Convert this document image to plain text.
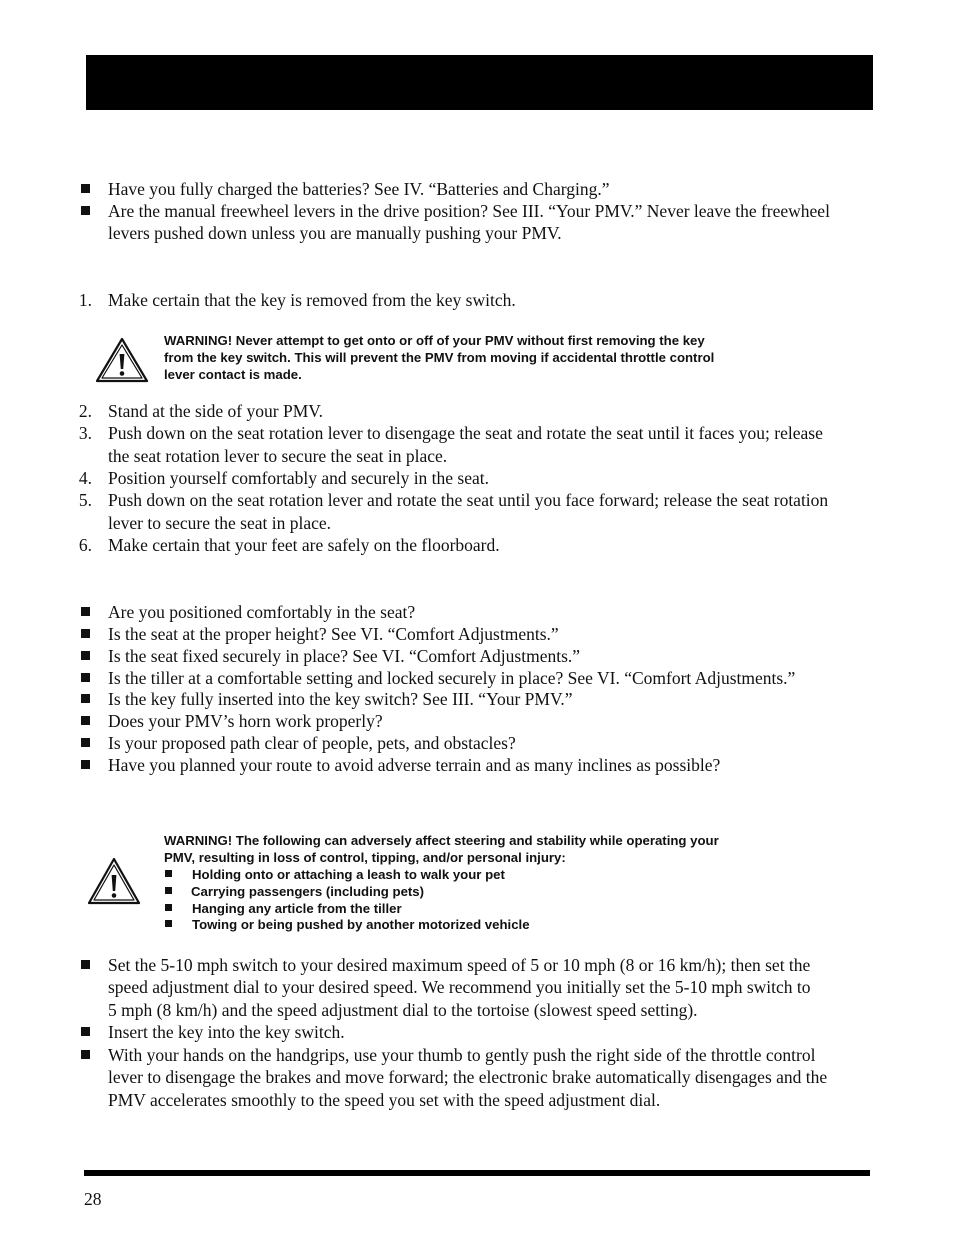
Have you fully charged the batteries? See IV. “Batteries and Charging.”
Are the manual freewheel levers in the drive position? See III. “Your PMV.” Never leave the freewheel
levers pushed down unless you are manually pushing your PMV.
1. Make certain that the key is removed from the key switch.
WARNING! Never attempt to get onto or off of your PMV without first removing the key
from the key switch. This will prevent the PMV from moving if accidental throttle control
lever contact is made.
2. Stand at the side of your PMV.
3. Push down on the seat rotation lever to disengage the seat and rotate the seat until it faces you; release
the seat rotation lever to secure the seat in place.
4. Position yourself comfortably and securely in the seat.
5. Push down on the seat rotation lever and rotate the seat until you face forward; release the seat rotation
lever to secure the seat in place.
6. Make certain that your feet are safely on the floorboard.
Are you positioned comfortably in the seat?
Is the seat at the proper height? See VI. “Comfort Adjustments.”
Is the seat fixed securely in place? See VI. “Comfort Adjustments.”
Is the tiller at a comfortable setting and locked securely in place? See VI. “Comfort Adjustments.”
Is the key fully inserted into the key switch? See III. “Your PMV.”
Does your PMV’s horn work properly?
Is your proposed path clear of people, pets, and obstacles?
Have you planned your route to avoid adverse terrain and as many inclines as possible?
WARNING! The following can adversely affect steering and stability while operating your
PMV, resulting in loss of control, tipping, and/or personal injury:
Holding onto or attaching a leash to walk your pet
Carrying passengers (including pets)
Hanging any article from the tiller
Towing or being pushed by another motorized vehicle
Set the 5-10 mph switch to your desired maximum speed of 5 or 10 mph (8 or 16 km/h); then set the
speed adjustment dial to your desired speed. We recommend you initially set the 5-10 mph switch to
5 mph (8 km/h) and the speed adjustment dial to the tortoise (slowest speed setting).
Insert the key into the key switch.
With your hands on the handgrips, use your thumb to gently push the right side of the throttle control
lever to disengage the brakes and move forward; the electronic brake automatically disengages and the
PMV accelerates smoothly to the speed you set with the speed adjustment dial.
28
